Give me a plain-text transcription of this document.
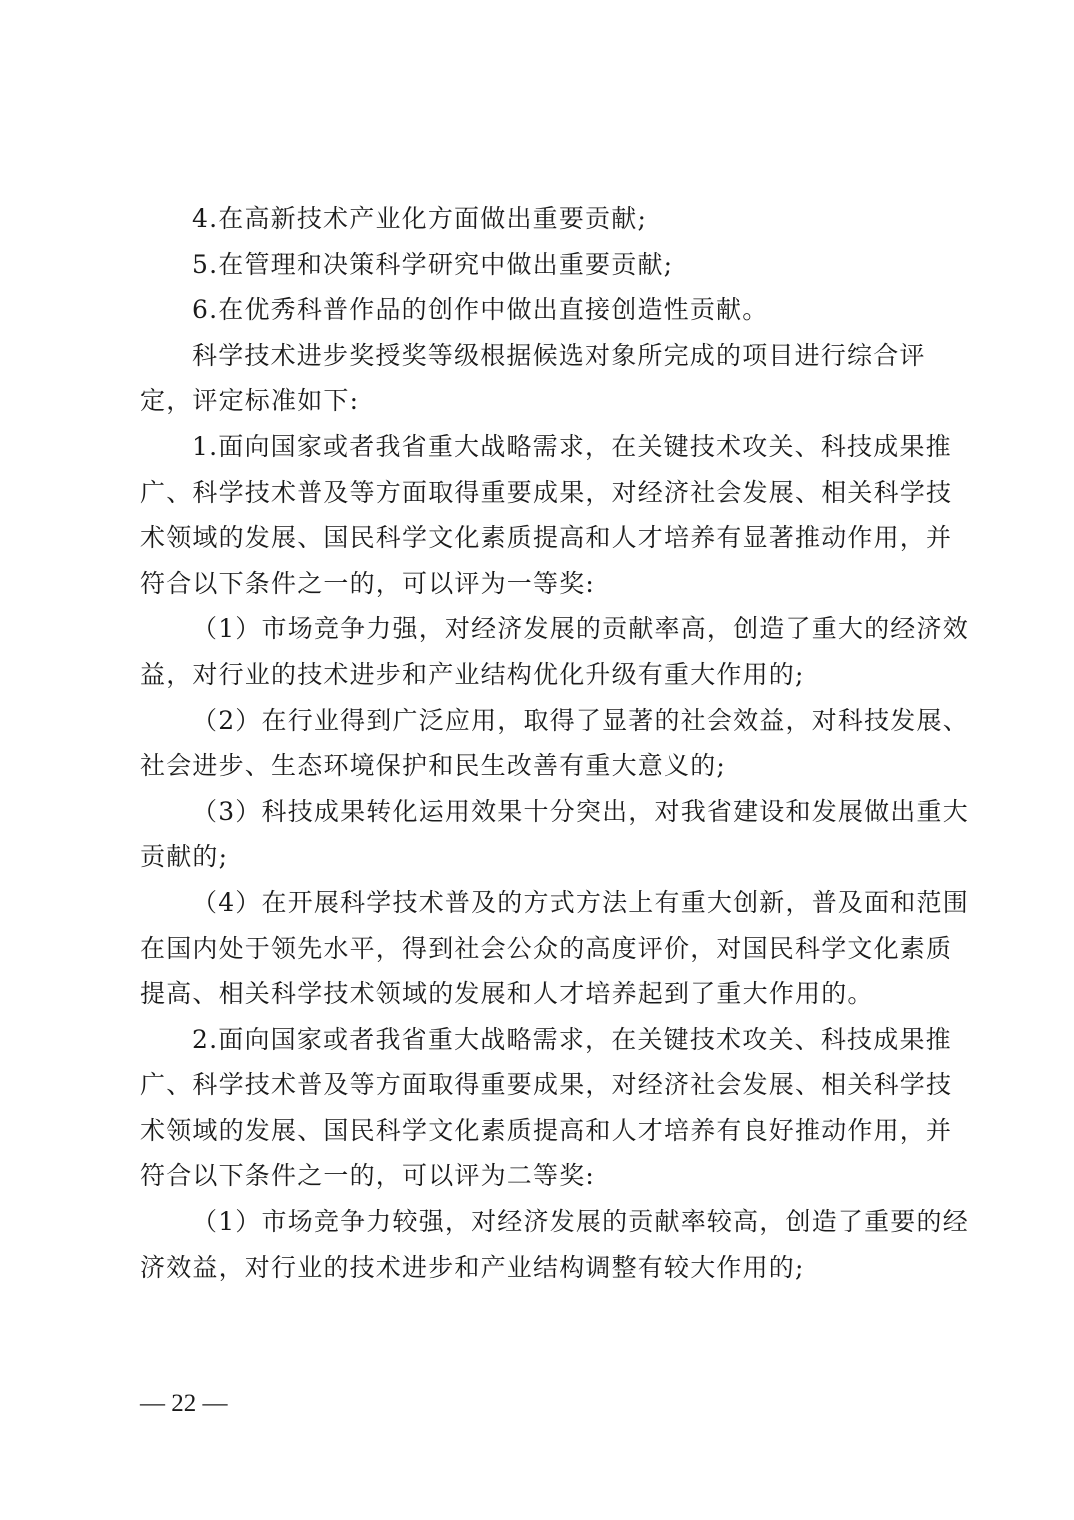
4.在高新技术产业化方面做出重要贡献;
5.在管理和决策科学研究中做出重要贡献;
6.在优秀科普作品的创作中做出直接创造性贡献。
科学技术进步奖授奖等级根据候选对象所完成的项目进行综合评
定，评定标准如下:
1.面向国家或者我省重大战略需求，在关键技术攻关、科技成果推
广、科学技术普及等方面取得重要成果，对经济社会发展、相关科学技
术领域的发展、国民科学文化素质提高和人才培养有显著推动作用，并
符合以下条件之一的，可以评为一等奖:
（1）市场竞争力强，对经济发展的贡献率高，创造了重大的经济效
益，对行业的技术进步和产业结构优化升级有重大作用的;
（2）在行业得到广泛应用，取得了显著的社会效益，对科技发展、
社会进步、生态环境保护和民生改善有重大意义的;
（3）科技成果转化运用效果十分突出，对我省建设和发展做出重大
贡献的;
（4）在开展科学技术普及的方式方法上有重大创新，普及面和范围
在国内处于领先水平，得到社会公众的高度评价，对国民科学文化素质
提高、相关科学技术领域的发展和人才培养起到了重大作用的。
2.面向国家或者我省重大战略需求，在关键技术攻关、科技成果推
广、科学技术普及等方面取得重要成果，对经济社会发展、相关科学技
术领域的发展、国民科学文化素质提高和人才培养有良好推动作用，并
符合以下条件之一的，可以评为二等奖:
（1）市场竞争力较强，对经济发展的贡献率较高，创造了重要的经
济效益，对行业的技术进步和产业结构调整有较大作用的;
— 22 —
